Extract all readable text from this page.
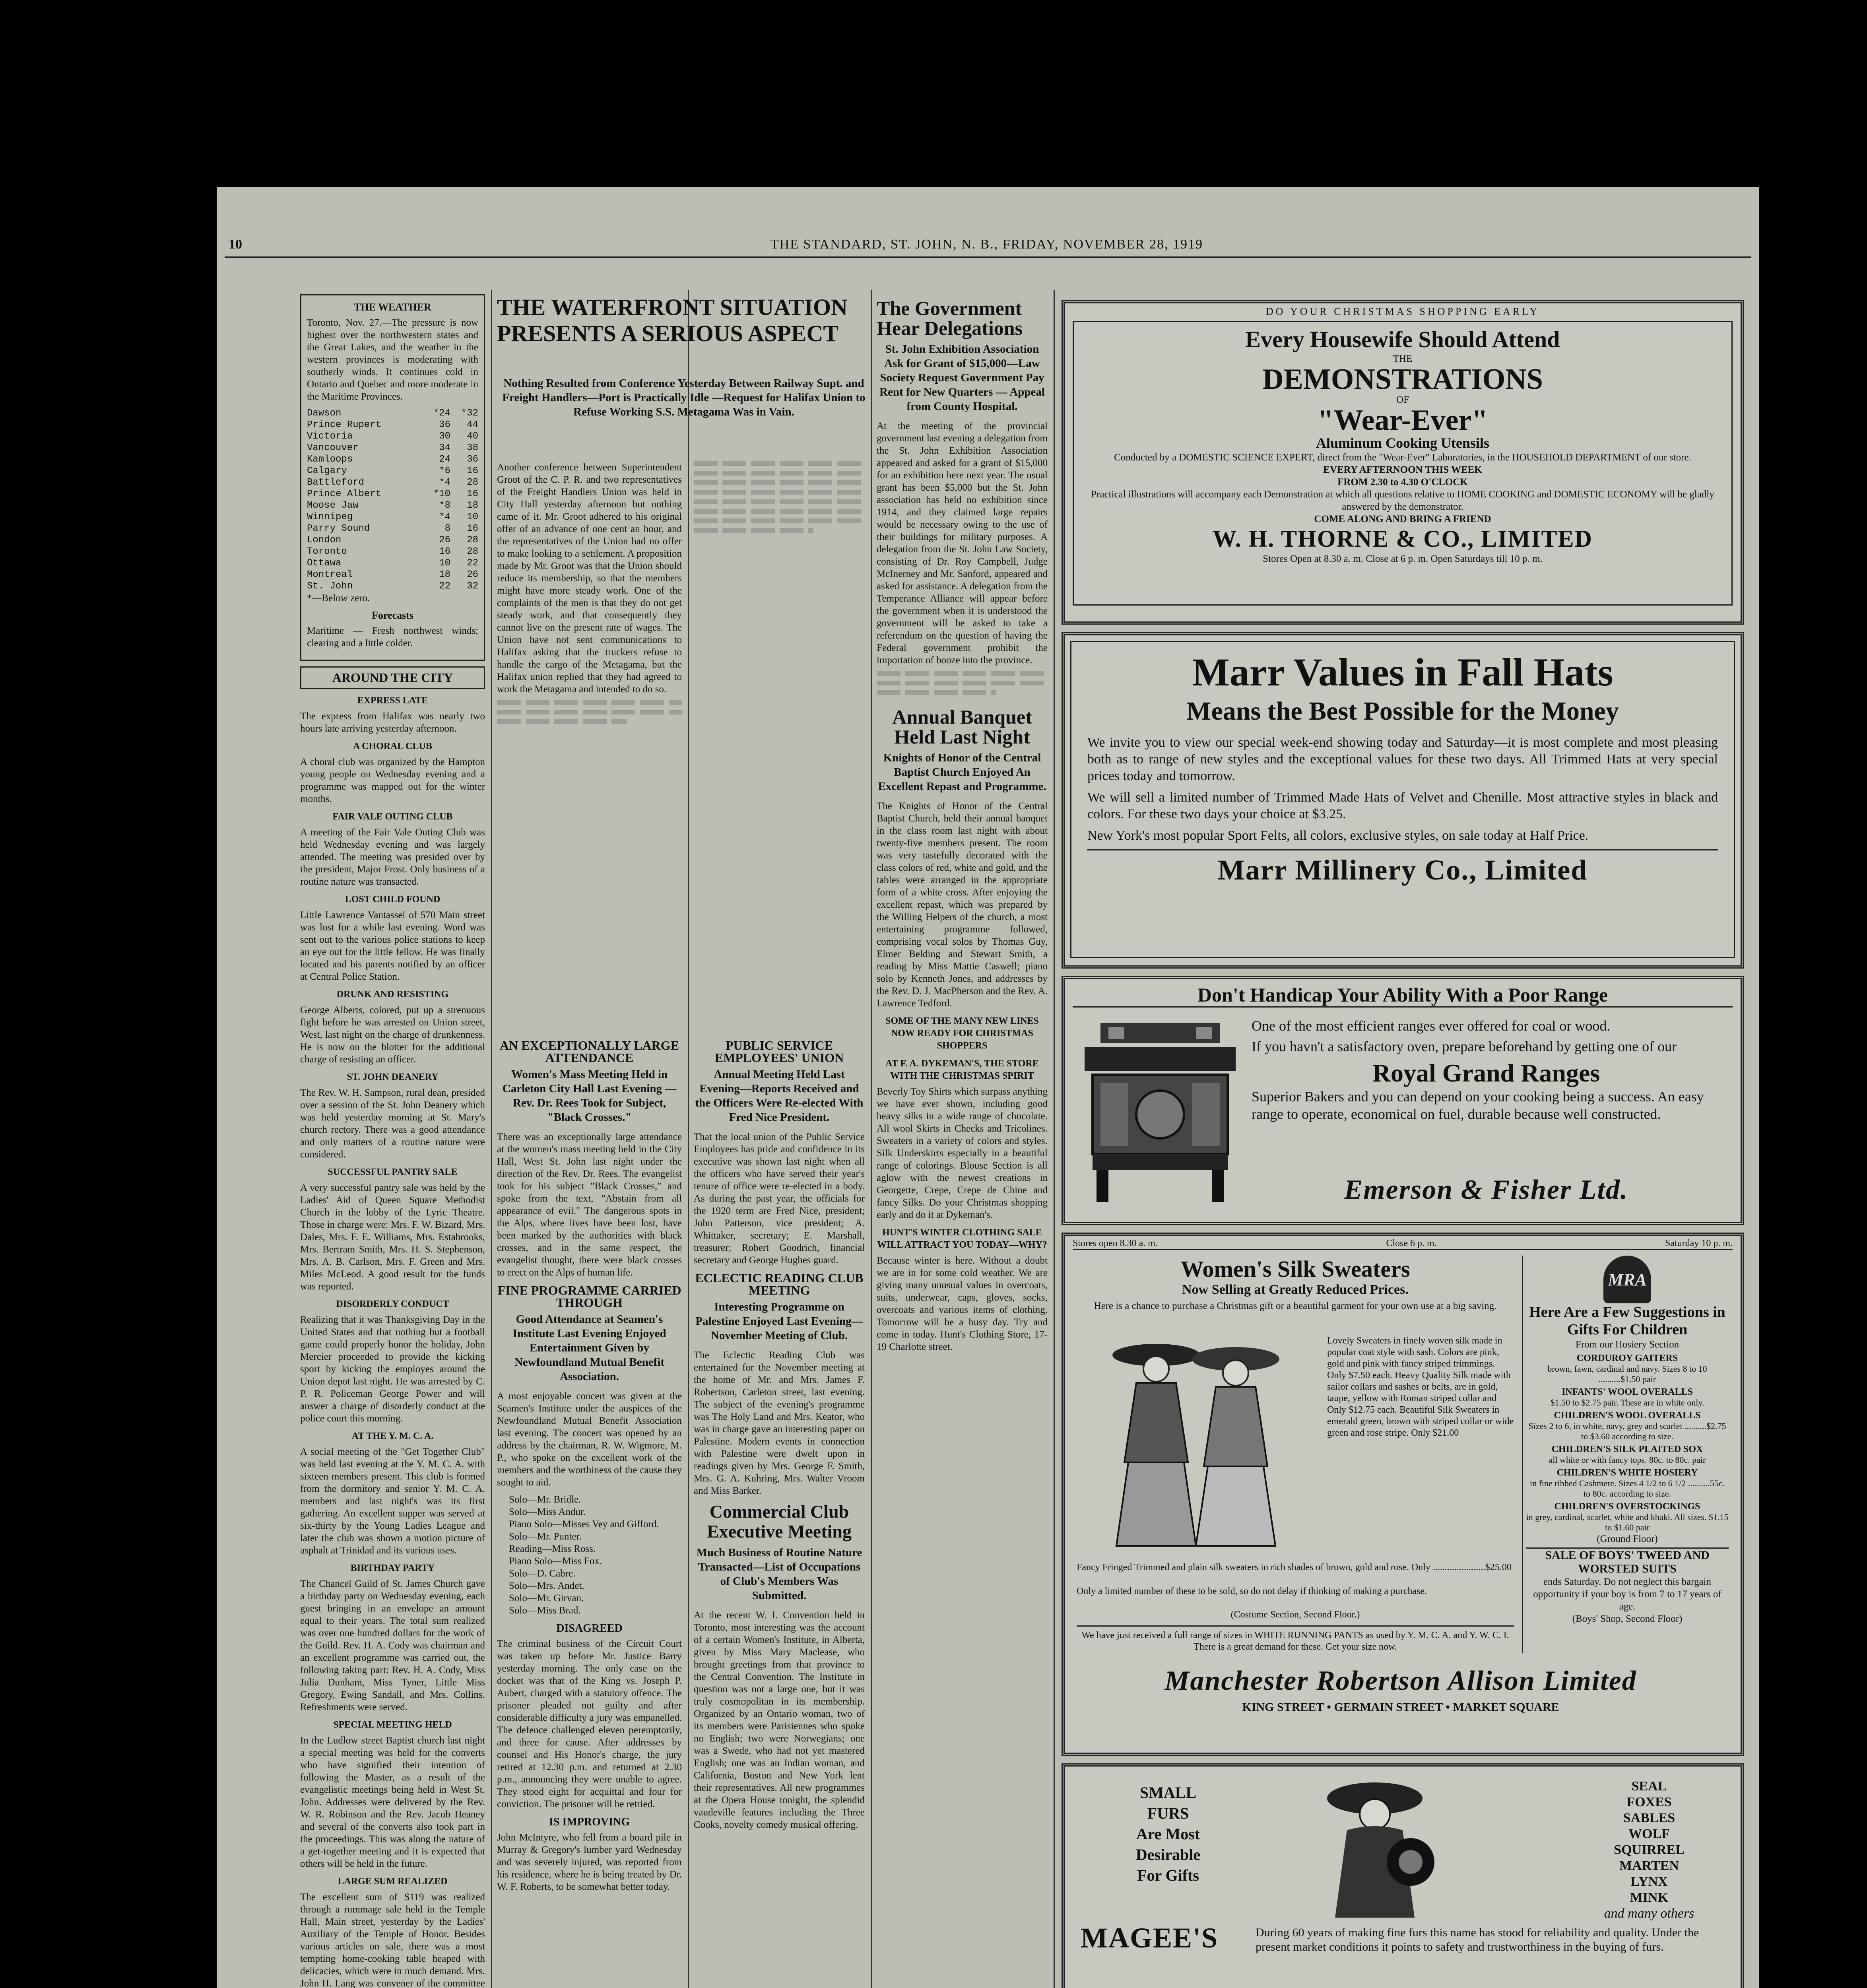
10	THE STANDARD, ST. JOHN, N. B., FRIDAY, NOVEMBER 28, 1919
THE WEATHER

Toronto, Nov. 27.—The pressure is now highest over the northwestern states and the Great Lakes, and the weather in the western provinces is moderating with southerly winds. It continues cold in Ontario and Quebec and more moderate in the Maritime Provinces.

Dawson	*24	*32
Prince Rupert	36	44
Victoria	30	40
Vancouver	34	38
Kamloops	24	36
Calgary	*6	16
Battleford	*4	28
Prince Albert	*10	16
Moose Jaw	*8	18
Winnipeg	*4	10
Parry Sound	8	16
London	26	28
Toronto	16	28
Ottawa	10	22
Montreal	18	26
St. John	22	32

*—Below zero.

Forecasts

Maritime — Fresh northwest winds; clearing and a little colder.

AROUND THE CITY
EXPRESS LATE

The express from Halifax was nearly two hours late arriving yesterday afternoon.

A CHORAL CLUB

A choral club was organized by the Hampton young people on Wednesday evening and a programme was mapped out for the winter months.

FAIR VALE OUTING CLUB

A meeting of the Fair Vale Outing Club was held Wednesday evening and was largely attended. The meeting was presided over by the president, Major Frost. Only business of a routine nature was transacted.

LOST CHILD FOUND

Little Lawrence Vantassel of 570 Main street was lost for a while last evening. Word was sent out to the various police stations to keep an eye out for the little fellow. He was finally located and his parents notified by an officer at Central Police Station.

DRUNK AND RESISTING

George Alberts, colored, put up a strenuous fight before he was arrested on Union street, West, last night on the charge of drunkenness. He is now on the blotter for the additional charge of resisting an officer.

ST. JOHN DEANERY

The Rev. W. H. Sampson, rural dean, presided over a session of the St. John Deanery which was held yesterday morning at St. Mary's church rectory. There was a good attendance and only matters of a routine nature were considered.

SUCCESSFUL PANTRY SALE

A very successful pantry sale was held by the Ladies' Aid of Queen Square Methodist Church in the lobby of the Lyric Theatre. Those in charge were: Mrs. F. W. Bizard, Mrs. Dales, Mrs. F. E. Williams, Mrs. Estabrooks, Mrs. Bertram Smith, Mrs. H. S. Stephenson, Mrs. A. B. Carlson, Mrs. F. Green and Mrs. Miles McLeod. A good result for the funds was reported.

DISORDERLY CONDUCT

Realizing that it was Thanksgiving Day in the United States and that nothing but a football game could properly honor the holiday, John Mercier proceeded to provide the kicking sport by kicking the employes around the Union depot last night. He was arrested by C. P. R. Policeman George Power and will answer a charge of disorderly conduct at the police court this morning.

AT THE Y. M. C. A.

A social meeting of the "Get Together Club" was held last evening at the Y. M. C. A. with sixteen members present. This club is formed from the dormitory and senior Y. M. C. A. members and last night's was its first gathering. An excellent supper was served at six-thirty by the Young Ladies League and later the club was shown a motion picture of asphalt at Trinidad and its various uses.

BIRTHDAY PARTY

The Chancel Guild of St. James Church gave a birthday party on Wednesday evening, each guest bringing in an envelope an amount equal to their years. The total sum realized was over one hundred dollars for the work of the Guild. Rev. H. A. Cody was chairman and an excellent programme was carried out, the following taking part: Rev. H. A. Cody, Miss Julia Dunham, Miss Tyner, Little Miss Gregory, Ewing Sandall, and Mrs. Collins. Refreshments were served.

SPECIAL MEETING HELD

In the Ludlow street Baptist church last night a special meeting was held for the converts who have signified their intention of following the Master, as a result of the evangelistic meetings being held in West St. John. Addresses were delivered by the Rev. W. R. Robinson and the Rev. Jacob Heaney and several of the converts also took part in the proceedings. This was along the nature of a get-together meeting and it is expected that others will be held in the future.

LARGE SUM REALIZED

The excellent sum of $119 was realized through a rummage sale held in the Temple Hall, Main street, yesterday by the Ladies' Auxiliary of the Temple of Honor. Besides various articles on sale, there was a most tempting home-cooking table heaped with delicacies, which were in much demand. Mrs. John H. Lang was convener of the committee

THE WATERFRONT SITUATION PRESENTS A SERIOUS ASPECT
Nothing Resulted from Conference Yesterday Between Railway Supt. and Freight Handlers—Port is Practically Idle —Request for Halifax Union to Refuse Working S.S. Metagama Was in Vain.

Another conference between Superintendent Groot of the C. P. R. and two representatives of the Freight Handlers Union was held in City Hall yesterday afternoon but nothing came of it. Mr. Groot adhered to his original offer of an advance of one cent an hour, and the representatives of the Union had no offer to make looking to a settlement. A proposition made by Mr. Groot was that the Union should reduce its membership, so that the members might have more steady work. One of the complaints of the men is that they do not get steady work, and that consequently they cannot live on the present rate of wages. The Union have not sent communications to Halifax asking that the truckers refuse to handle the cargo of the Metagama, but the Halifax union replied that they had agreed to work the Metagama and intended to do so.

AN EXCEPTIONALLY LARGE ATTENDANCE
Women's Mass Meeting Held in Carleton City Hall Last Evening — Rev. Dr. Rees Took for Subject, "Black Crosses."

There was an exceptionally large attendance at the women's mass meeting held in the City Hall, West St. John last night under the direction of the Rev. Dr. Rees. The evangelist took for his subject "Black Crosses," and spoke from the text, "Abstain from all appearance of evil." The dangerous spots in the Alps, where lives have been lost, have been marked by the authorities with black crosses, and in the same respect, the evangelist thought, there were black crosses to erect on the Alps of human life.

FINE PROGRAMME CARRIED THROUGH
Good Attendance at Seamen's Institute Last Evening Enjoyed Entertainment Given by Newfoundland Mutual Benefit Association.

A most enjoyable concert was given at the Seamen's Institute under the auspices of the Newfoundland Mutual Benefit Association last evening. The concert was opened by an address by the chairman, R. W. Wigmore, M. P., who spoke on the excellent work of the members and the worthiness of the cause they sought to aid.

Solo—Mr. Bridle.
Solo—Miss Andur.
Piano Solo—Misses Vey and Gifford.
Solo—Mr. Punter.
Reading—Miss Ross.
Piano Solo—Miss Fox.
Solo—D. Cabre.
Solo—Mrs. Andet.
Solo—Mr. Girvan.
Solo—Miss Brad.
DISAGREED

The criminal business of the Circuit Court was taken up before Mr. Justice Barry yesterday morning. The only case on the docket was that of the King vs. Joseph P. Aubert, charged with a statutory offence. The prisoner pleaded not guilty and after considerable difficulty a jury was empanelled. The defence challenged eleven peremptorily, and three for cause. After addresses by counsel and His Honor's charge, the jury retired at 12.30 p.m. and returned at 2.30 p.m., announcing they were unable to agree. They stood eight for acquittal and four for conviction. The prisoner will be retried.

IS IMPROVING

John McIntyre, who fell from a board pile in Murray & Gregory's lumber yard Wednesday and was severely injured, was reported from his residence, where he is being treated by Dr. W. F. Roberts, to be somewhat better today.

PUBLIC SERVICE EMPLOYEES' UNION
Annual Meeting Held Last Evening—Reports Received and the Officers Were Re-elected With Fred Nice President.

That the local union of the Public Service Employees has pride and confidence in its executive was shown last night when all the officers who have served their year's tenure of office were re-elected in a body. As during the past year, the officials for the 1920 term are Fred Nice, president; John Patterson, vice president; A. Whittaker, secretary; E. Marshall, treasurer; Robert Goodrich, financial secretary and George Hughes guard.

ECLECTIC READING CLUB MEETING
Interesting Programme on Palestine Enjoyed Last Evening—November Meeting of Club.

The Eclectic Reading Club was entertained for the November meeting at the home of Mr. and Mrs. James F. Robertson, Carleton street, last evening. The subject of the evening's programme was The Holy Land and Mrs. Keator, who was in charge gave an interesting paper on Palestine. Modern events in connection with Palestine were dwelt upon in readings given by Mrs. George F. Smith, Mrs. G. A. Kuhring, Mrs. Walter Vroom and Miss Barker.

Commercial Club Executive Meeting
Much Business of Routine Nature Transacted—List of Occupations of Club's Members Was Submitted.

At the recent W. I. Convention held in Toronto, most interesting was the account of a certain Women's Institute, in Alberta, given by Miss Mary Maclease, who brought greetings from that province to the Central Convention. The Institute in question was not a large one, but it was truly cosmopolitan in its membership. Organized by an Ontario woman, two of its members were Parisiennes who spoke no English; two were Norwegians; one was a Swede, who had not yet mastered English; one was an Indian woman, and California, Boston and New York lent their representatives. All new programmes at the Opera House tonight, the splendid vaudeville features including the Three Cooks, novelty comedy musical offering.

The Government Hear Delegations
St. John Exhibition Association Ask for Grant of $15,000—Law Society Request Government Pay Rent for New Quarters — Appeal from County Hospital.

At the meeting of the provincial government last evening a delegation from the St. John Exhibition Association appeared and asked for a grant of $15,000 for an exhibition here next year. The usual grant has been $5,000 but the St. John association has held no exhibition since 1914, and they claimed large repairs would be necessary owing to the use of their buildings for military purposes. A delegation from the St. John Law Society, consisting of Dr. Roy Campbell, Judge McInerney and Mr. Sanford, appeared and asked for assistance. A delegation from the Temperance Alliance will appear before the government when it is understood the government will be asked to take a referendum on the question of having the Federal government prohibit the importation of booze into the province.

Annual Banquet Held Last Night
Knights of Honor of the Central Baptist Church Enjoyed An Excellent Repast and Programme.

The Knights of Honor of the Central Baptist Church, held their annual banquet in the class room last night with about twenty-five members present. The room was very tastefully decorated with the class colors of red, white and gold, and the tables were arranged in the appropriate form of a white cross. After enjoying the excellent repast, which was prepared by the Willing Helpers of the church, a most entertaining programme followed, comprising vocal solos by Thomas Guy, Elmer Belding and Stewart Smith, a reading by Miss Mattie Caswell; piano solo by Kenneth Jones, and addresses by the Rev. D. J. MacPherson and the Rev. A. Lawrence Tedford.

SOME OF THE MANY NEW LINES NOW READY FOR CHRISTMAS SHOPPERS
AT F. A. DYKEMAN'S, THE STORE WITH THE CHRISTMAS SPIRIT

Beverly Toy Shirts which surpass anything we have ever shown, including good heavy silks in a wide range of chocolate. All wool Skirts in Checks and Tricolines. Sweaters in a variety of colors and styles. Silk Underskirts especially in a beautiful range of colorings. Blouse Section is all aglow with the newest creations in Georgette, Crepe, Crepe de Chine and fancy Silks. Do your Christmas shopping early and do it at Dykeman's.

HUNT'S WINTER CLOTHING SALE WILL ATTRACT YOU TODAY—WHY?

Because winter is here. Without a doubt we are in for some cold weather. We are giving many unusual values in overcoats, suits, underwear, caps, gloves, socks, overcoats and various items of clothing. Tomorrow will be a busy day. Try and come in today. Hunt's Clothing Store, 17-19 Charlotte street.

DO YOUR CHRISTMAS SHOPPING EARLY
Every Housewife Should Attend
THE
DEMONSTRATIONS
OF
"Wear-Ever"
Aluminum Cooking Utensils
Conducted by a DOMESTIC SCIENCE EXPERT, direct from the "Wear-Ever" Laboratories, in the HOUSEHOLD DEPARTMENT of our store.
EVERY AFTERNOON THIS WEEK
FROM 2.30 to 4.30 O'CLOCK
Practical illustrations will accompany each Demonstration at which all questions relative to HOME COOKING and DOMESTIC ECONOMY will be gladly answered by the demonstrator.
COME ALONG AND BRING A FRIEND
W. H. THORNE & CO., LIMITED
Stores Open at 8.30 a. m. Close at 6 p. m. Open Saturdays till 10 p. m.
Marr Values in Fall Hats
Means the Best Possible for the Money

We invite you to view our special week-end showing today and Saturday—it is most complete and most pleasing both as to range of new styles and the exceptional values for these two days. All Trimmed Hats at very special prices today and tomorrow.

We will sell a limited number of Trimmed Made Hats of Velvet and Chenille. Most attractive styles in black and colors. For these two days your choice at $3.25.

New York's most popular Sport Felts, all colors, exclusive styles, on sale today at Half Price.

Marr Millinery Co., Limited
Don't Handicap Your Ability With a Poor Range

One of the most efficient ranges ever offered for coal or wood.

If you havn't a satisfactory oven, prepare beforehand by getting one of our

Royal Grand Ranges

Superior Bakers and you can depend on your cooking being a success. An easy range to operate, economical on fuel, durable because well constructed.

Emerson & Fisher Ltd.
Stores open 8.30 a. m.	Close 6 p. m.	Saturday 10 p. m.
Women's Silk Sweaters
Now Selling at Greatly Reduced Prices.

Here is a chance to purchase a Christmas gift or a beautiful garment for your own use at a big saving.

Lovely Sweaters in finely woven silk made in popular coat style with sash. Colors are pink, gold and pink with fancy striped trimmings. Only $7.50 each. Heavy Quality Silk made with sailor collars and sashes or belts, are in gold, taupe, yellow with Roman striped collar and Only $12.75 each. Beautiful Silk Sweaters in emerald green, brown with striped collar or wide green and rose stripe. Only $21.00

Fancy Fringed Trimmed and plain silk sweaters in rich shades of brown, gold and rose. Only ......................$25.00

Only a limited number of these to be sold, so do not delay if thinking of making a purchase.

(Costume Section, Second Floor.)

We have just received a full range of sizes in WHITE RUNNING PANTS as used by Y. M. C. A. and Y. W. C. I. There is a great demand for these. Get your size now.

MRA
Here Are a Few Suggestions in Gifts For Children
From our Hosiery Section
CORDUROY GAITERS
brown, fawn, cardinal and navy. Sizes 8 to 10 ..........$1.50 pair
INFANTS' WOOL OVERALLS
$1.50 to $2.75 pair. These are in white only.
CHILDREN'S WOOL OVERALLS
Sizes 2 to 6, in white, navy, grey and scarlet ..........$2.75 to $3.60 according to size.
CHILDREN'S SILK PLAITED SOX
all white or with fancy tops. 80c. to 80c. pair
CHILDREN'S WHITE HOSIERY
in fine ribbed Cashmere. Sizes 4 1/2 to 6 1/2 ..........55c. to 80c. according to size.
CHILDREN'S OVERSTOCKINGS
in grey, cardinal, scarlet, white and khaki. All sizes. $1.15 to $1.60 pair
(Ground Floor)
SALE OF BOYS' TWEED AND WORSTED SUITS
ends Saturday. Do not neglect this bargain opportunity if your boy is from 7 to 17 years of age.
(Boys' Shop, Second Floor)
Manchester Robertson Allison Limited
KING STREET • GERMAIN STREET • MARKET SQUARE
SMALL
FURS
Are Most
Desirable
For Gifts
SEAL
FOXES
SABLES
WOLF
SQUIRREL
MARTEN
LYNX
MINK
and many others
MAGEE'S	During 60 years of making fine furs this name has stood for reliability and quality. Under the present market conditions it points to safety and trustworthiness in the buying of furs.
